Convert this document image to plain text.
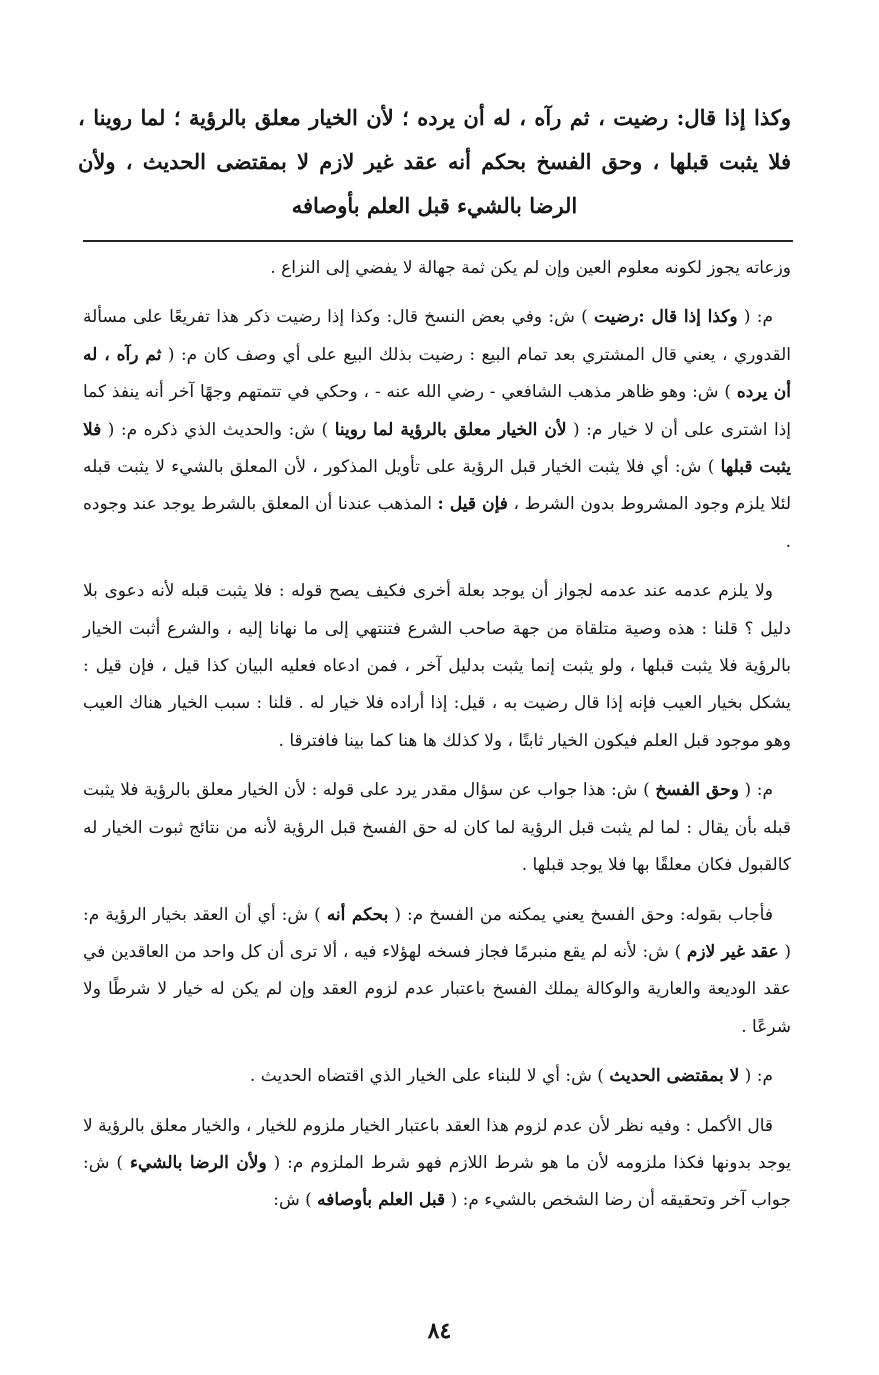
وكذا إذا قال: رضيت ، ثم رآه ، له أن يرده ؛ لأن الخيار معلق بالرؤية ؛ لما روينا ، فلا يثبت قبلها ، وحق الفسخ بحكم أنه عقد غير لازم لا بمقتضى الحديث ، ولأن الرضا بالشيء قبل العلم بأوصافه

وزعاته يجوز لكونه معلوم العين وإن لم يكن ثمة جهالة لا يفضي إلى النزاع .

م: ( وكذا إذا قال :رضيت ) ش: وفي بعض النسخ قال: وكذا إذا رضيت ذكر هذا تفريعًا على مسألة القدوري ، يعني قال المشتري بعد تمام البيع : رضيت بذلك البيع على أي وصف كان م: ( ثم رآه ، له أن يرده ) ش: وهو ظاهر مذهب الشافعي - رضي الله عنه - ، وحكي في تتمتهم وجهًا آخر أنه ينفذ كما إذا اشترى على أن لا خيار م: ( لأن الخيار معلق بالرؤية لما روينا ) ش: والحديث الذي ذكره م: ( فلا يثبت قبلها ) ش: أي فلا يثبت الخيار قبل الرؤية على تأويل المذكور ، لأن المعلق بالشيء لا يثبت قبله لئلا يلزم وجود المشروط بدون الشرط ، فإن قيل : المذهب عندنا أن المعلق بالشرط يوجد عند وجوده .

ولا يلزم عدمه عند عدمه لجواز أن يوجد بعلة أخرى فكيف يصح قوله : فلا يثبت قبله لأنه دعوى بلا دليل ؟ قلنا : هذه وصية متلقاة من جهة صاحب الشرع فتنتهي إلى ما نهانا إليه ، والشرع أثبت الخيار بالرؤية فلا يثبت قبلها ، ولو يثبت إنما يثبت بدليل آخر ، فمن ادعاه فعليه البيان كذا قيل ، فإن قيل : يشكل بخيار العيب فإنه إذا قال رضيت به ، قيل: إذا أراده فلا خيار له . قلنا : سبب الخيار هناك العيب وهو موجود قبل العلم فيكون الخيار ثابتًا ، ولا كذلك ها هنا كما بينا فافترقا .

م: ( وحق الفسخ ) ش: هذا جواب عن سؤال مقدر يرد على قوله : لأن الخيار معلق بالرؤية فلا يثبت قبله بأن يقال : لما لم يثبت قبل الرؤية لما كان له حق الفسخ قبل الرؤية لأنه من نتائج ثبوت الخيار له كالقبول فكان معلقًا بها فلا يوجد قبلها .

فأجاب بقوله: وحق الفسخ يعني يمكنه من الفسخ م: ( بحكم أنه ) ش: أي أن العقد بخيار الرؤية م: ( عقد غير لازم ) ش: لأنه لم يقع منبرمًا فجاز فسخه لهؤلاء فيه ، ألا ترى أن كل واحد من العاقدين في عقد الوديعة والعارية والوكالة يملك الفسخ باعتبار عدم لزوم العقد وإن لم يكن له خيار لا شرطًا ولا شرعًا .

م: ( لا بمقتضى الحديث ) ش: أي لا للبناء على الخيار الذي اقتضاه الحديث .

قال الأكمل : وفيه نظر لأن عدم لزوم هذا العقد باعتبار الخيار ملزوم للخيار ، والخيار معلق بالرؤية لا يوجد بدونها فكذا ملزومه لأن ما هو شرط اللازم فهو شرط الملزوم م: ( ولأن الرضا بالشيء ) ش: جواب آخر وتحقيقه أن رضا الشخص بالشيء م: ( قبل العلم بأوصافه ) ش:

٨٤
